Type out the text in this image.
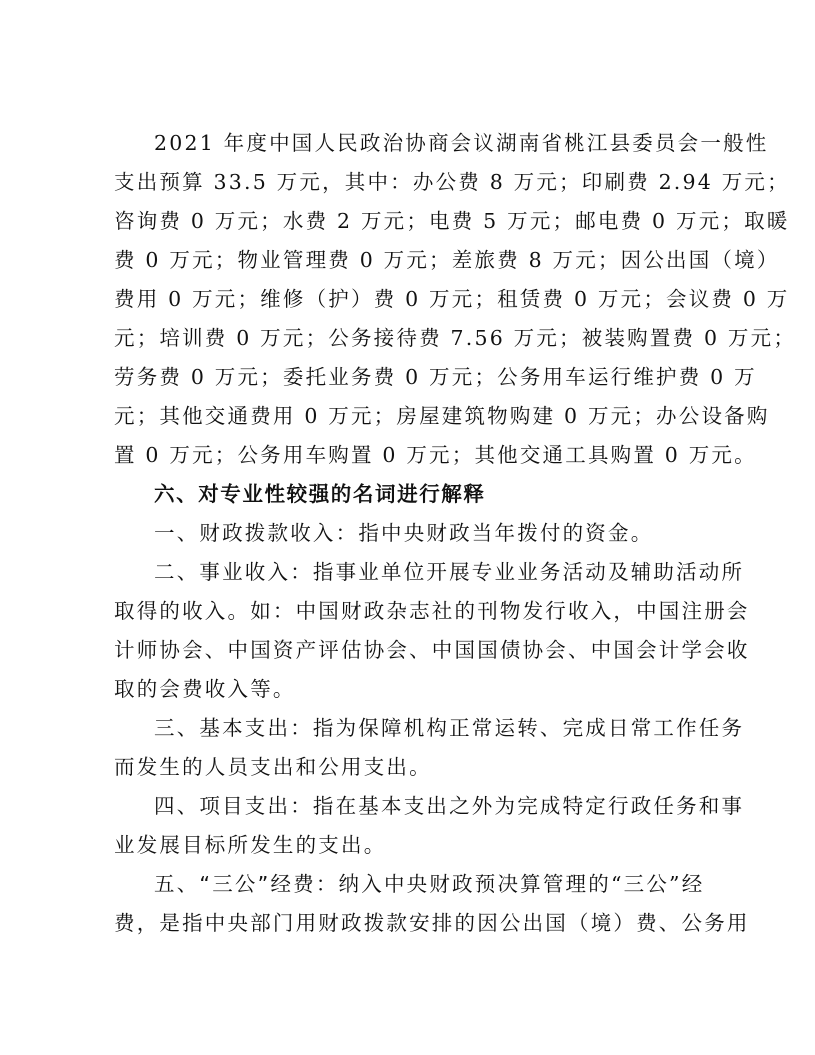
2021 年度中国人民政治协商会议湖南省桃江县委员会一般性
支出预算 33.5 万元，其中：办公费 8 万元；印刷费 2.94 万元；
咨询费 0 万元；水费 2 万元；电费 5 万元；邮电费 0 万元；取暖
费 0 万元；物业管理费 0 万元；差旅费 8 万元；因公出国（境）
费用 0 万元；维修（护）费 0 万元；租赁费 0 万元；会议费 0 万
元；培训费 0 万元；公务接待费 7.56 万元；被装购置费 0 万元；
劳务费 0 万元；委托业务费 0 万元；公务用车运行维护费 0 万
元；其他交通费用 0 万元；房屋建筑物购建 0 万元；办公设备购
置 0 万元；公务用车购置 0 万元；其他交通工具购置 0 万元。
六、对专业性较强的名词进行解释
一、财政拨款收入：指中央财政当年拨付的资金。
二、事业收入：指事业单位开展专业业务活动及辅助活动所
取得的收入。如：中国财政杂志社的刊物发行收入，中国注册会
计师协会、中国资产评估协会、中国国债协会、中国会计学会收
取的会费收入等。
三、基本支出：指为保障机构正常运转、完成日常工作任务
而发生的人员支出和公用支出。
四、项目支出：指在基本支出之外为完成特定行政任务和事
业发展目标所发生的支出。
五、“三公”经费：纳入中央财政预决算管理的“三公”经
费，是指中央部门用财政拨款安排的因公出国（境）费、公务用
